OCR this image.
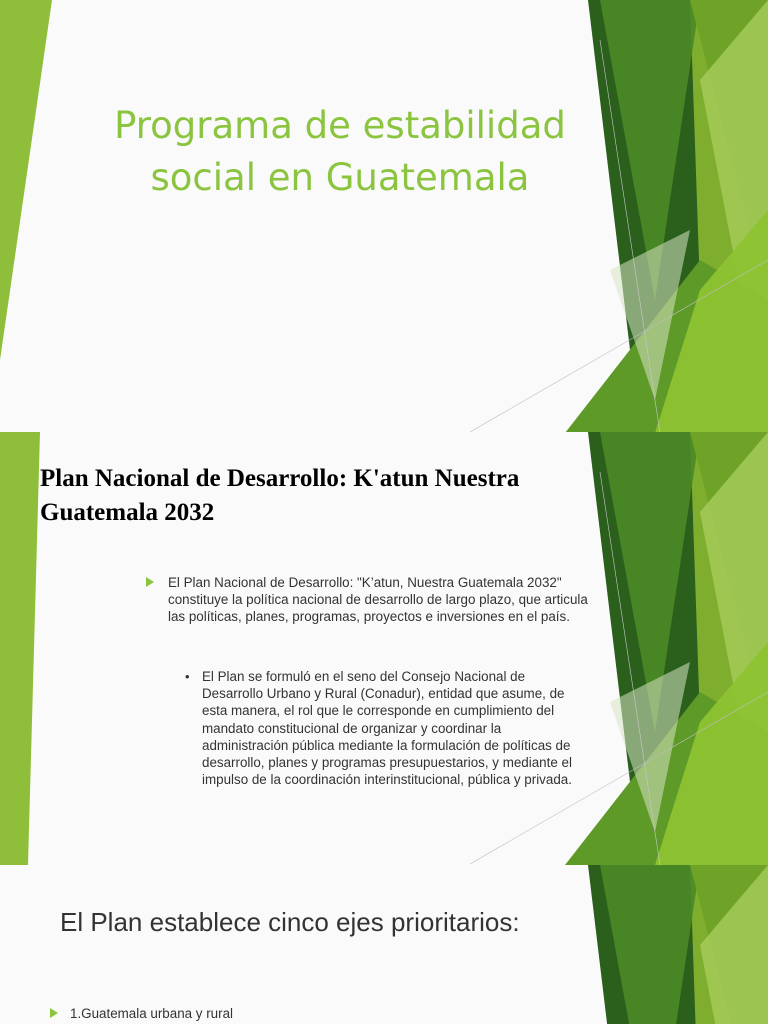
Programa de estabilidad social en Guatemala
Plan Nacional de Desarrollo: K'atun Nuestra Guatemala 2032
El Plan Nacional de Desarrollo: "K’atun, Nuestra Guatemala 2032" constituye la política nacional de desarrollo de largo plazo, que articula las políticas, planes, programas, proyectos e inversiones en el país.
• El Plan se formuló en el seno del Consejo Nacional de Desarrollo Urbano y Rural (Conadur), entidad que asume, de esta manera, el rol que le corresponde en cumplimiento del mandato constitucional de organizar y coordinar la administración pública mediante la formulación de políticas de desarrollo, planes y programas presupuestarios, y mediante el impulso de la coordinación interinstitucional, pública y privada.
El Plan establece cinco ejes prioritarios:
1.Guatemala urbana y rural
